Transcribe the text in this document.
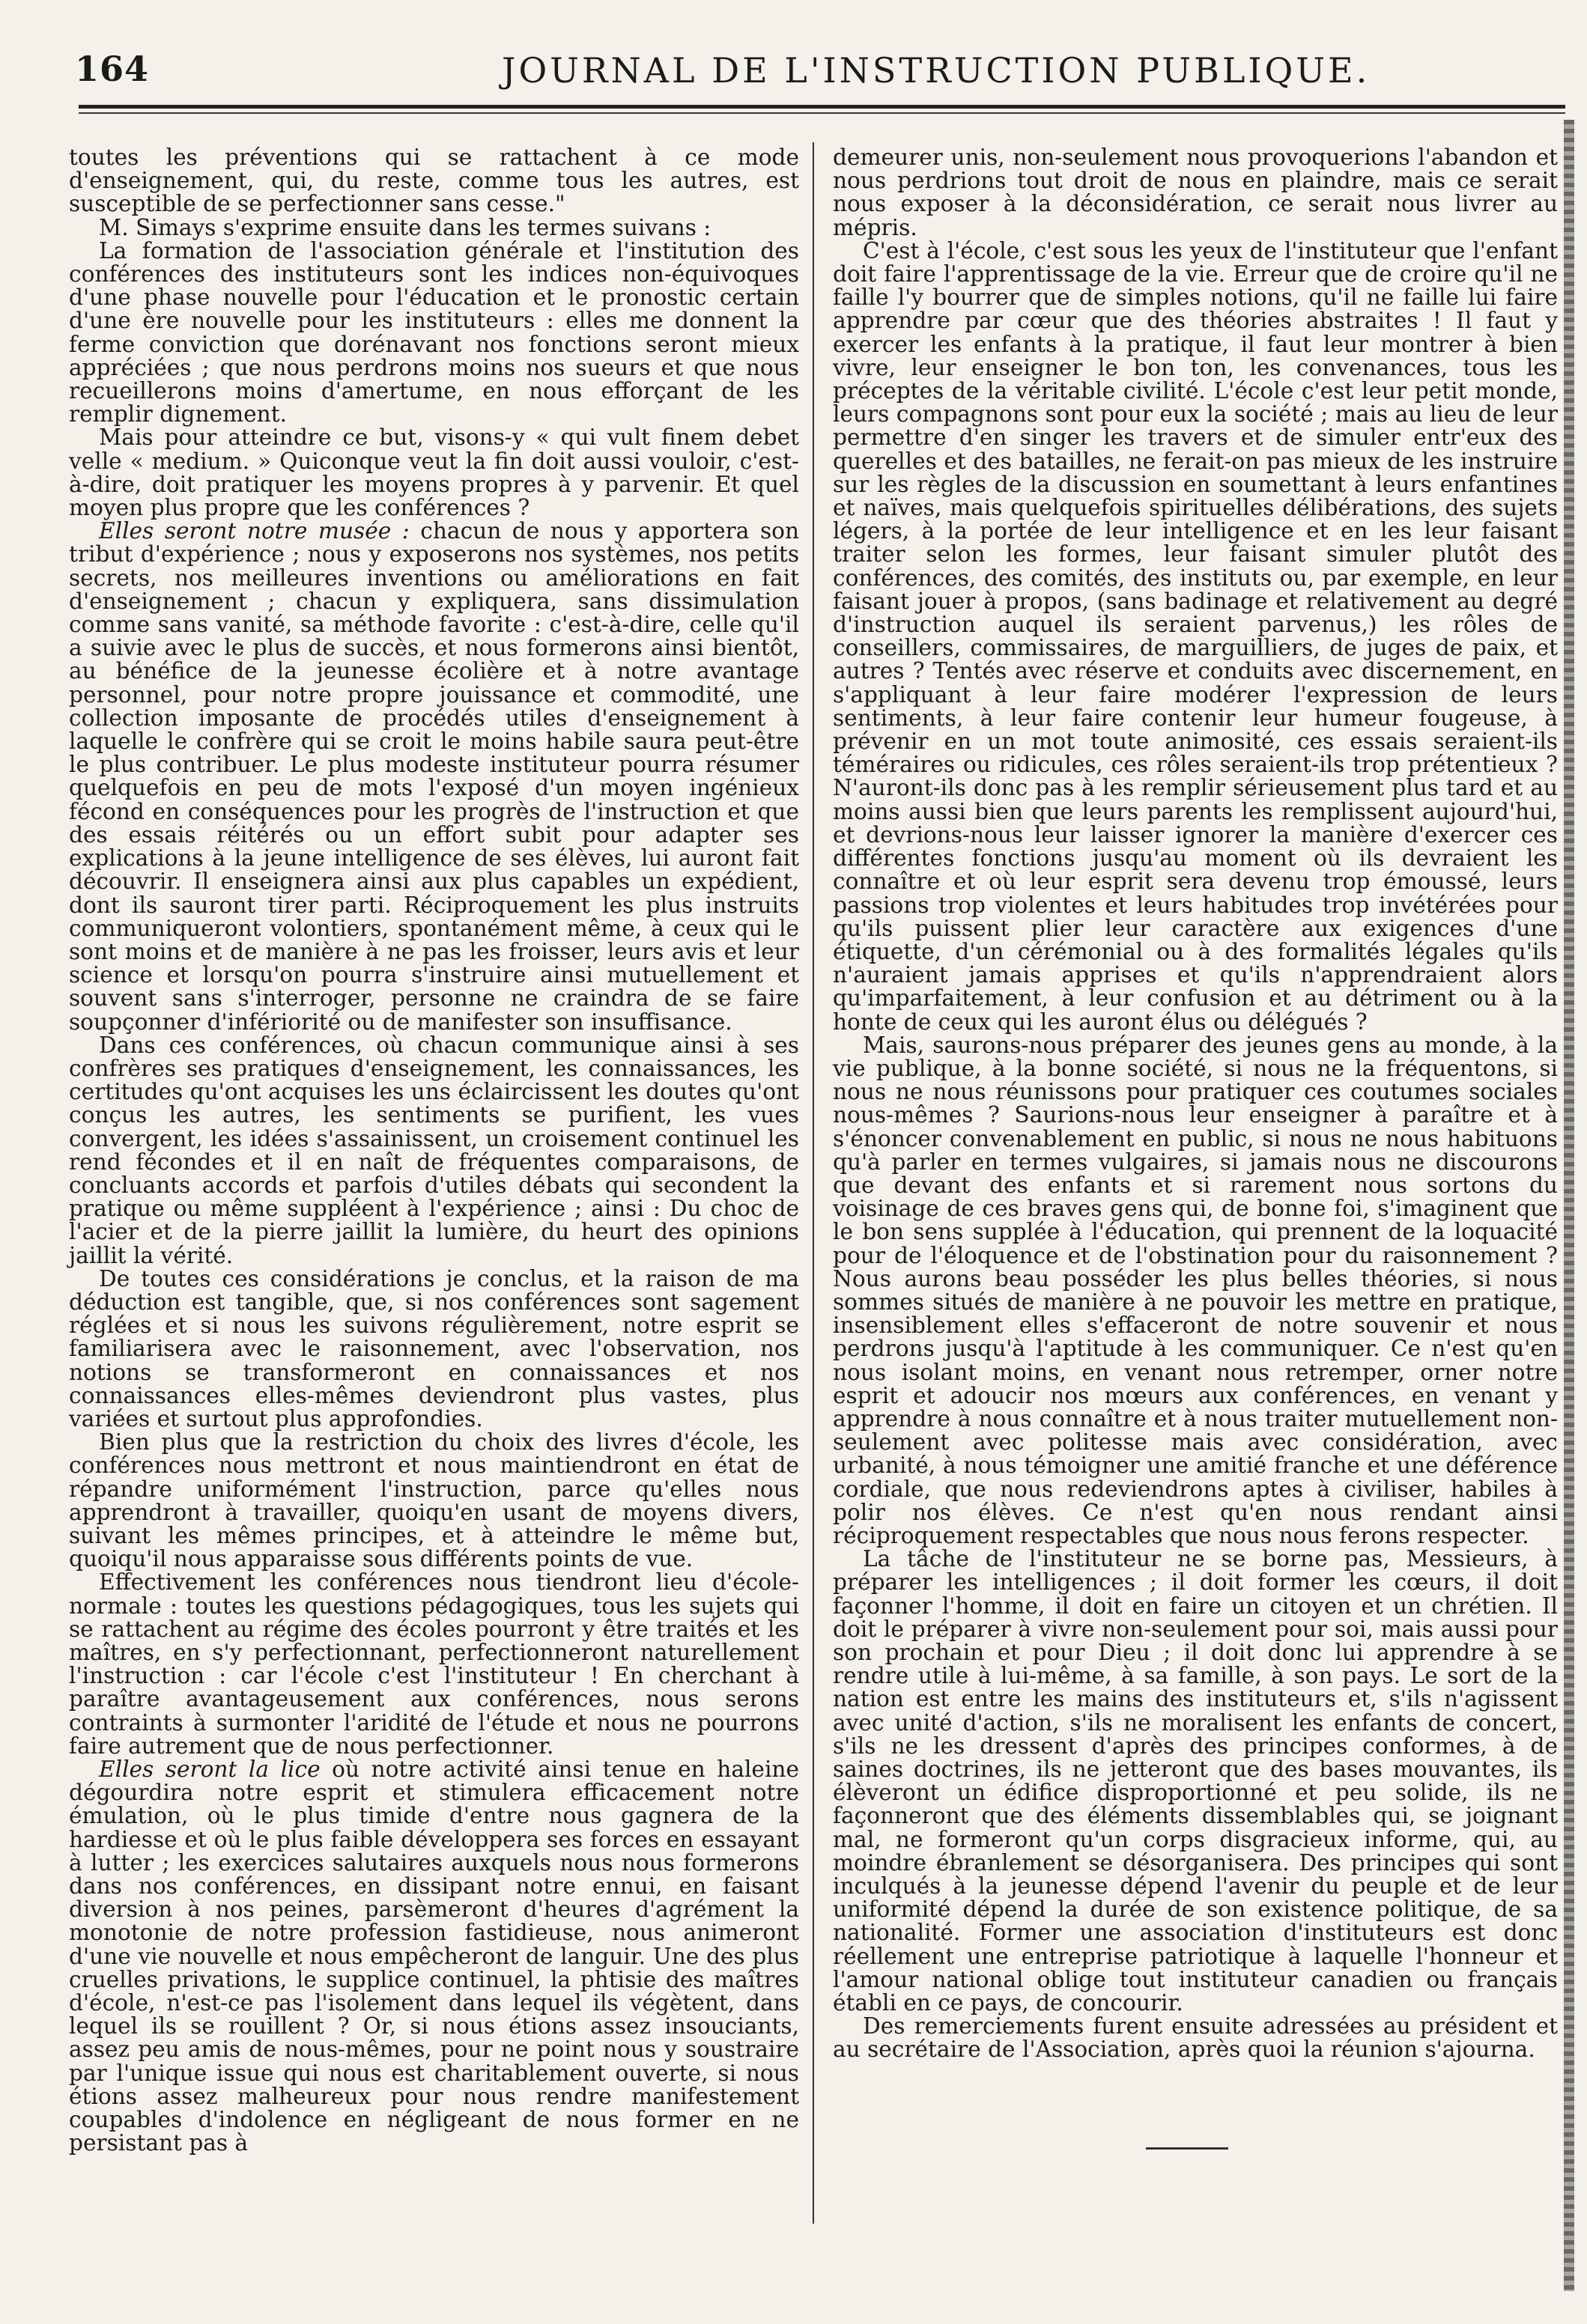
164	JOURNAL DE L'INSTRUCTION PUBLIQUE.

toutes les préventions qui se rattachent à ce mode d'enseignement, qui, du reste, comme tous les autres, est susceptible de se perfectionner sans cesse."

M. Simays s'exprime ensuite dans les termes suivans :

La formation de l'association générale et l'institution des conférences des instituteurs sont les indices non-équivoques d'une phase nouvelle pour l'éducation et le pronostic certain d'une ère nouvelle pour les instituteurs : elles me donnent la ferme conviction que dorénavant nos fonctions seront mieux appréciées ; que nous perdrons moins nos sueurs et que nous recueillerons moins d'amertume, en nous efforçant de les remplir dignement.

Mais pour atteindre ce but, visons-y « qui vult finem debet velle « medium. » Quiconque veut la fin doit aussi vouloir, c'est-à-dire, doit pratiquer les moyens propres à y parvenir. Et quel moyen plus propre que les conférences ?

Elles seront notre musée : chacun de nous y apportera son tribut d'expérience ; nous y exposerons nos systèmes, nos petits secrets, nos meilleures inventions ou améliorations en fait d'enseignement ; chacun y expliquera, sans dissimulation comme sans vanité, sa méthode favorite : c'est-à-dire, celle qu'il a suivie avec le plus de succès, et nous formerons ainsi bientôt, au bénéfice de la jeunesse écolière et à notre avantage personnel, pour notre propre jouissance et commodité, une collection imposante de procédés utiles d'enseignement à laquelle le confrère qui se croit le moins habile saura peut-être le plus contribuer. Le plus modeste instituteur pourra résumer quelquefois en peu de mots l'exposé d'un moyen ingénieux fécond en conséquences pour les progrès de l'instruction et que des essais réitérés ou un effort subit pour adapter ses explications à la jeune intelligence de ses élèves, lui auront fait découvrir. Il enseignera ainsi aux plus capables un expédient, dont ils sauront tirer parti. Réciproquement les plus instruits communiqueront volontiers, spontanément même, à ceux qui le sont moins et de manière à ne pas les froisser, leurs avis et leur science et lorsqu'on pourra s'instruire ainsi mutuellement et souvent sans s'interroger, personne ne craindra de se faire soupçonner d'infériorité ou de manifester son insuffisance.

Dans ces conférences, où chacun communique ainsi à ses confrères ses pratiques d'enseignement, les connaissances, les certitudes qu'ont acquises les uns éclaircissent les doutes qu'ont conçus les autres, les sentiments se purifient, les vues convergent, les idées s'assainissent, un croisement continuel les rend fécondes et il en naît de fréquentes comparaisons, de concluants accords et parfois d'utiles débats qui secondent la pratique ou même suppléent à l'expérience ; ainsi : Du choc de l'acier et de la pierre jaillit la lumière, du heurt des opinions jaillit la vérité.

De toutes ces considérations je conclus, et la raison de ma déduction est tangible, que, si nos conférences sont sagement réglées et si nous les suivons régulièrement, notre esprit se familiarisera avec le raisonnement, avec l'observation, nos notions se transformeront en connaissances et nos connaissances elles-mêmes deviendront plus vastes, plus variées et surtout plus approfondies.

Bien plus que la restriction du choix des livres d'école, les conférences nous mettront et nous maintiendront en état de répandre uniformément l'instruction, parce qu'elles nous apprendront à travailler, quoiqu'en usant de moyens divers, suivant les mêmes principes, et à atteindre le même but, quoiqu'il nous apparaisse sous différents points de vue.

Effectivement les conférences nous tiendront lieu d'école-normale : toutes les questions pédagogiques, tous les sujets qui se rattachent au régime des écoles pourront y être traités et les maîtres, en s'y perfectionnant, perfectionneront naturellement l'instruction : car l'école c'est l'instituteur ! En cherchant à paraître avantageusement aux conférences, nous serons contraints à surmonter l'aridité de l'étude et nous ne pourrons faire autrement que de nous perfectionner.

Elles seront la lice où notre activité ainsi tenue en haleine dégourdira notre esprit et stimulera efficacement notre émulation, où le plus timide d'entre nous gagnera de la hardiesse et où le plus faible développera ses forces en essayant à lutter ; les exercices salutaires auxquels nous nous formerons dans nos conférences, en dissipant notre ennui, en faisant diversion à nos peines, parsèmeront d'heures d'agrément la monotonie de notre profession fastidieuse, nous animeront d'une vie nouvelle et nous empêcheront de languir. Une des plus cruelles privations, le supplice continuel, la phtisie des maîtres d'école, n'est-ce pas l'isolement dans lequel ils végètent, dans lequel ils se rouillent ? Or, si nous étions assez insouciants, assez peu amis de nous-mêmes, pour ne point nous y soustraire par l'unique issue qui nous est charitablement ouverte, si nous étions assez malheureux pour nous rendre manifestement coupables d'indolence en négligeant de nous former en ne persistant pas à

demeurer unis, non-seulement nous provoquerions l'abandon et nous perdrions tout droit de nous en plaindre, mais ce serait nous exposer à la déconsidération, ce serait nous livrer au mépris.

C'est à l'école, c'est sous les yeux de l'instituteur que l'enfant doit faire l'apprentissage de la vie. Erreur que de croire qu'il ne faille l'y bourrer que de simples notions, qu'il ne faille lui faire apprendre par cœur que des théories abstraites ! Il faut y exercer les enfants à la pratique, il faut leur montrer à bien vivre, leur enseigner le bon ton, les convenances, tous les préceptes de la véritable civilité. L'école c'est leur petit monde, leurs compagnons sont pour eux la société ; mais au lieu de leur permettre d'en singer les travers et de simuler entr'eux des querelles et des batailles, ne ferait-on pas mieux de les instruire sur les règles de la discussion en soumettant à leurs enfantines et naïves, mais quelquefois spirituelles délibérations, des sujets légers, à la portée de leur intelligence et en les leur faisant traiter selon les formes, leur faisant simuler plutôt des conférences, des comités, des instituts ou, par exemple, en leur faisant jouer à propos, (sans badinage et relativement au degré d'instruction auquel ils seraient parvenus,) les rôles de conseillers, commissaires, de marguilliers, de juges de paix, et autres ? Tentés avec réserve et conduits avec discernement, en s'appliquant à leur faire modérer l'expression de leurs sentiments, à leur faire contenir leur humeur fougeuse, à prévenir en un mot toute animosité, ces essais seraient-ils téméraires ou ridicules, ces rôles seraient-ils trop prétentieux ? N'auront-ils donc pas à les remplir sérieusement plus tard et au moins aussi bien que leurs parents les remplissent aujourd'hui, et devrions-nous leur laisser ignorer la manière d'exercer ces différentes fonctions jusqu'au moment où ils devraient les connaître et où leur esprit sera devenu trop émoussé, leurs passions trop violentes et leurs habitudes trop invétérées pour qu'ils puissent plier leur caractère aux exigences d'une étiquette, d'un cérémonial ou à des formalités légales qu'ils n'auraient jamais apprises et qu'ils n'apprendraient alors qu'imparfaitement, à leur confusion et au détriment ou à la honte de ceux qui les auront élus ou délégués ?

Mais, saurons-nous préparer des jeunes gens au monde, à la vie publique, à la bonne société, si nous ne la fréquentons, si nous ne nous réunissons pour pratiquer ces coutumes sociales nous-mêmes ? Saurions-nous leur enseigner à paraître et à s'énoncer convenablement en public, si nous ne nous habituons qu'à parler en termes vulgaires, si jamais nous ne discourons que devant des enfants et si rarement nous sortons du voisinage de ces braves gens qui, de bonne foi, s'imaginent que le bon sens supplée à l'éducation, qui prennent de la loquacité pour de l'éloquence et de l'obstination pour du raisonnement ? Nous aurons beau posséder les plus belles théories, si nous sommes situés de manière à ne pouvoir les mettre en pratique, insensiblement elles s'effaceront de notre souvenir et nous perdrons jusqu'à l'aptitude à les communiquer. Ce n'est qu'en nous isolant moins, en venant nous retremper, orner notre esprit et adoucir nos mœurs aux conférences, en venant y apprendre à nous connaître et à nous traiter mutuellement non-seulement avec politesse mais avec considération, avec urbanité, à nous témoigner une amitié franche et une déférence cordiale, que nous redeviendrons aptes à civiliser, habiles à polir nos élèves. Ce n'est qu'en nous rendant ainsi réciproquement respectables que nous nous ferons respecter.

La tâche de l'instituteur ne se borne pas, Messieurs, à préparer les intelligences ; il doit former les cœurs, il doit façonner l'homme, il doit en faire un citoyen et un chrétien. Il doit le préparer à vivre non-seulement pour soi, mais aussi pour son prochain et pour Dieu ; il doit donc lui apprendre à se rendre utile à lui-même, à sa famille, à son pays. Le sort de la nation est entre les mains des instituteurs et, s'ils n'agissent avec unité d'action, s'ils ne moralisent les enfants de concert, s'ils ne les dressent d'après des principes conformes, à de saines doctrines, ils ne jetteront que des bases mouvantes, ils élèveront un édifice disproportionné et peu solide, ils ne façonneront que des éléments dissemblables qui, se joignant mal, ne formeront qu'un corps disgracieux informe, qui, au moindre ébranlement se désorganisera. Des principes qui sont inculqués à la jeunesse dépend l'avenir du peuple et de leur uniformité dépend la durée de son existence politique, de sa nationalité. Former une association d'instituteurs est donc réellement une entreprise patriotique à laquelle l'honneur et l'amour national oblige tout instituteur canadien ou français établi en ce pays, de concourir.

Des remerciements furent ensuite adressées au président et au secrétaire de l'Association, après quoi la réunion s'ajourna.
